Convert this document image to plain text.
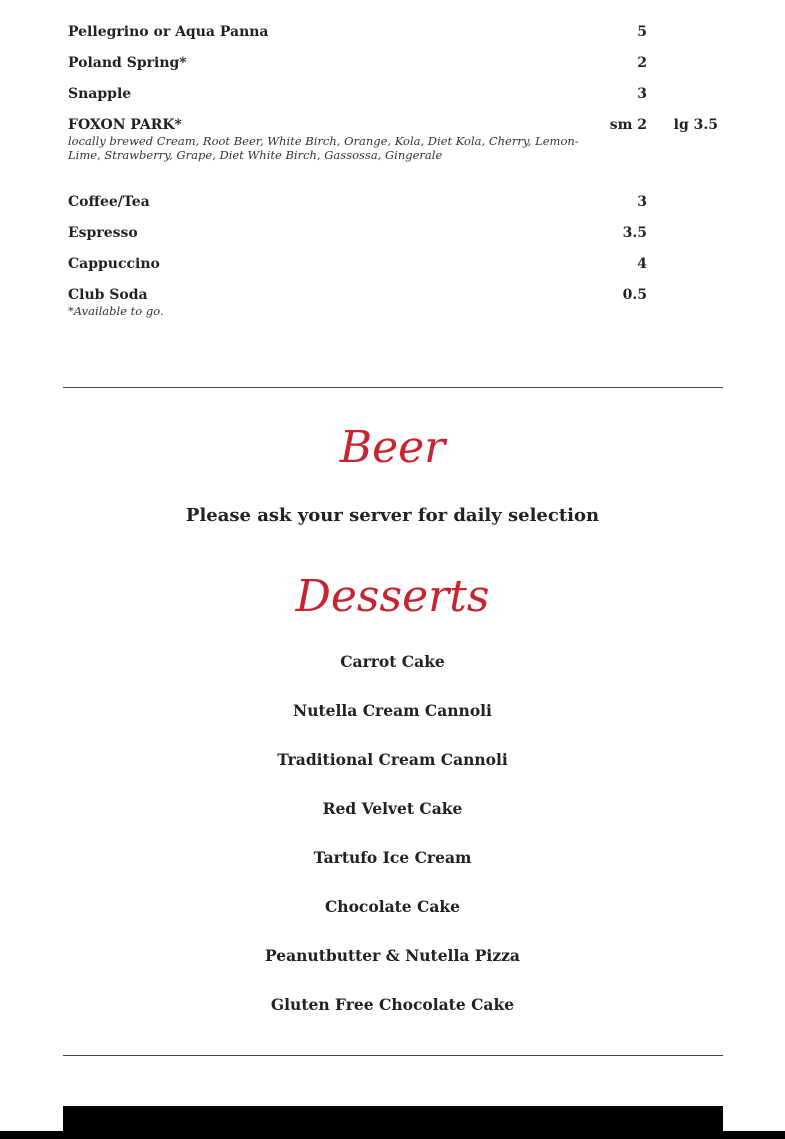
Pellegrino or Aqua Panna	5
Poland Spring*	2
Snapple	3
FOXON PARK*	sm 2 lg 3.5
locally brewed Cream, Root Beer, White Birch, Orange, Kola, Diet Kola, Cherry, Lemon-Lime, Strawberry, Grape, Diet White Birch, Gassossa, Gingerale
Coffee/Tea	3
Espresso	3.5
Cappuccino	4
Club Soda	0.5
*Available to go.
Beer
Please ask your server for daily selection
Desserts
Carrot Cake
Nutella Cream Cannoli
Traditional Cream Cannoli
Red Velvet Cake
Tartufo Ice Cream
Chocolate Cake
Peanutbutter & Nutella Pizza
Gluten Free Chocolate Cake
